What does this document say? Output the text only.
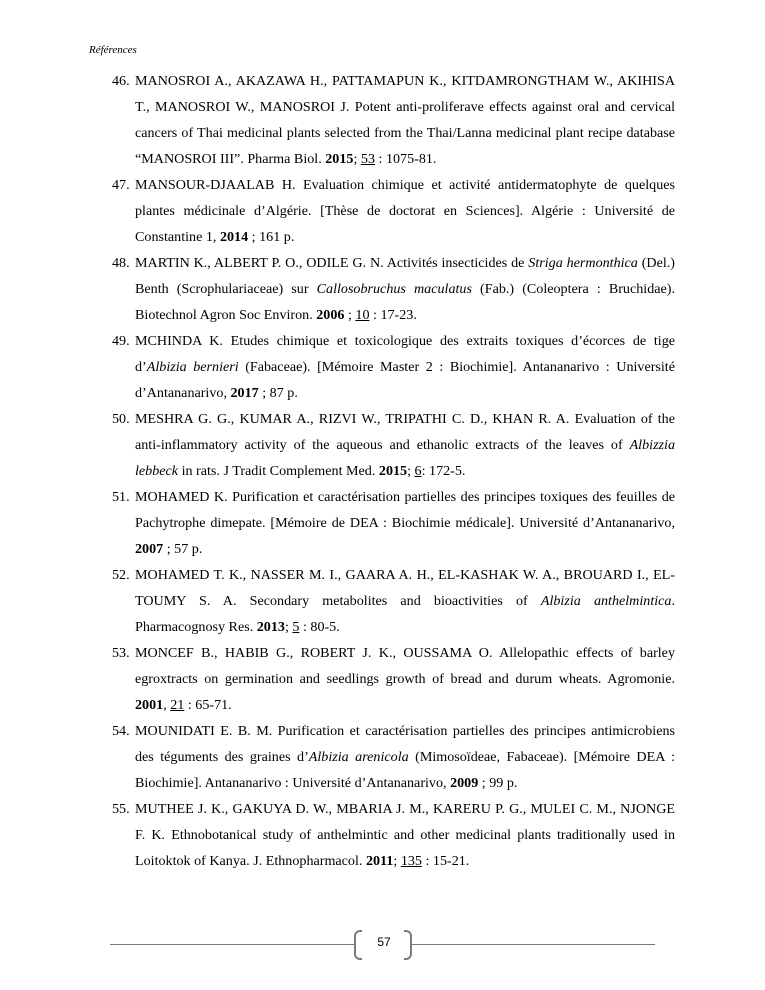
Références
46. MANOSROI A., AKAZAWA H., PATTAMAPUN K., KITDAMRONGTHAM W., AKIHISA T., MANOSROI W., MANOSROI J. Potent anti-proliferave effects against oral and cervical cancers of Thai medicinal plants selected from the Thai/Lanna medicinal plant recipe database “MANOSROI III”. Pharma Biol. 2015; 53 : 1075-81.
47. MANSOUR-DJAALAB H. Evaluation chimique et activité antidermatophyte de quelques plantes médicinale d’Algérie. [Thèse de doctorat en Sciences]. Algérie : Université de Constantine 1, 2014 ; 161 p.
48. MARTIN K., ALBERT P. O., ODILE G. N. Activités insecticides de Striga hermonthica (Del.) Benth (Scrophulariaceae) sur Callosobruchus maculatus (Fab.) (Coleoptera : Bruchidae). Biotechnol Agron Soc Environ. 2006 ; 10 : 17-23.
49. MCHINDA K. Etudes chimique et toxicologique des extraits toxiques d’écorces de tige d’Albizia bernieri (Fabaceae). [Mémoire Master 2 : Biochimie]. Antananarivo : Université d’Antananarivo, 2017 ; 87 p.
50. MESHRA G. G., KUMAR A., RIZVI W., TRIPATHI C. D., KHAN R. A. Evaluation of the anti-inflammatory activity of the aqueous and ethanolic extracts of the leaves of Albizzia lebbeck in rats. J Tradit Complement Med. 2015; 6: 172-5.
51. MOHAMED K. Purification et caractérisation partielles des principes toxiques des feuilles de Pachytrophe dimepate. [Mémoire de DEA : Biochimie médicale]. Université d’Antananarivo, 2007 ; 57 p.
52. MOHAMED T. K., NASSER M. I., GAARA A. H., EL-KASHAK W. A., BROUARD I., EL-TOUMY S. A. Secondary metabolites and bioactivities of Albizia anthelmintica. Pharmacognosy Res. 2013; 5 : 80-5.
53. MONCEF B., HABIB G., ROBERT J. K., OUSSAMA O. Allelopathic effects of barley egroxtracts on germination and seedlings growth of bread and durum wheats. Agromonie. 2001, 21 : 65-71.
54. MOUNIDATI E. B. M. Purification et caractérisation partielles des principes antimicrobiens des téguments des graines d’Albizia arenicola (Mimosoïdeae, Fabaceae). [Mémoire DEA : Biochimie]. Antananarivo : Université d’Antananarivo, 2009 ; 99 p.
55. MUTHEE J. K., GAKUYA D. W., MBARIA J. M., KARERU P. G., MULEI C. M., NJONGE F. K. Ethnobotanical study of anthelmintic and other medicinal plants traditionally used in Loitoktok of Kanya. J. Ethnopharmacol. 2011; 135 : 15-21.
57
